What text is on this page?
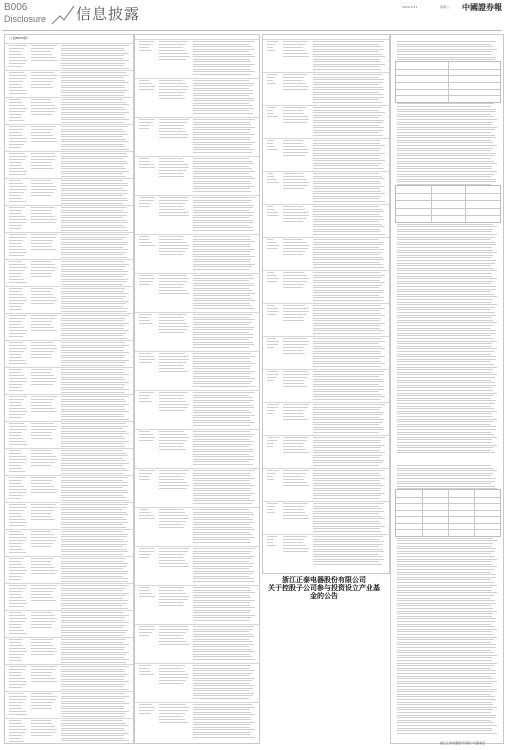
B006
Disclosure 信息披露	2020.3.21	星期六 中國證券報
（上接B005版）
浙江正泰电器股份有限公司
关于控股子公司参与投资设立产业基
金的公告
浙江正泰电器股份有限公司董事会
